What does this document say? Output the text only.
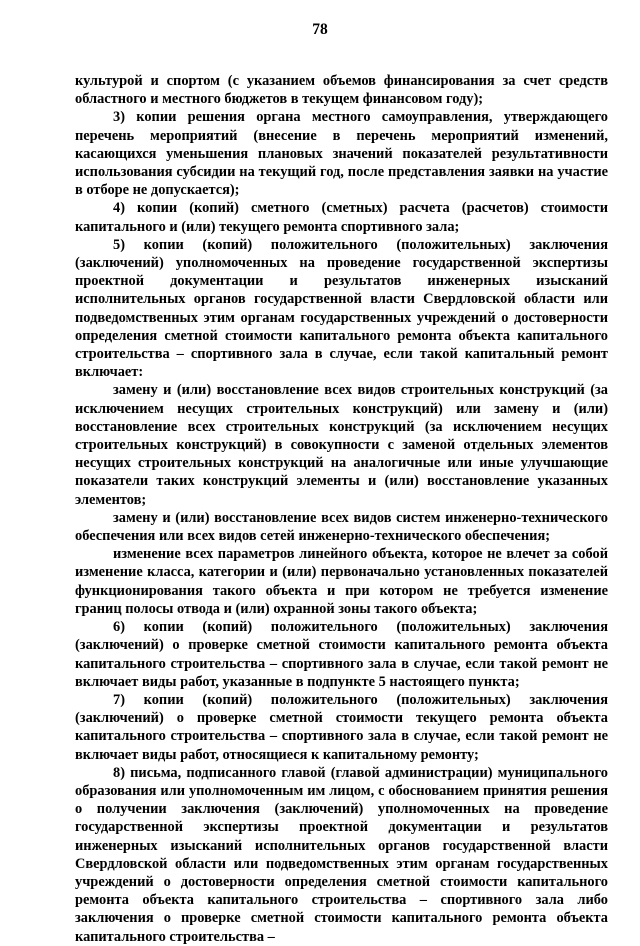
78

культурой и спортом (с указанием объемов финансирования за счет средств областного и местного бюджетов в текущем финансовом году);

3) копии решения органа местного самоуправления, утверждающего перечень мероприятий (внесение в перечень мероприятий изменений, касающихся уменьшения плановых значений показателей результативности использования субсидии на текущий год, после представления заявки на участие в отборе не допускается);

4) копии (копий) сметного (сметных) расчета (расчетов) стоимости капитального и (или) текущего ремонта спортивного зала;

5) копии (копий) положительного (положительных) заключения (заключений) уполномоченных на проведение государственной экспертизы проектной документации и результатов инженерных изысканий исполнительных органов государственной власти Свердловской области или подведомственных этим органам государственных учреждений о достоверности определения сметной стоимости капитального ремонта объекта капитального строительства – спортивного зала в случае, если такой капитальный ремонт включает:

замену и (или) восстановление всех видов строительных конструкций (за исключением несущих строительных конструкций) или замену и (или) восстановление всех строительных конструкций (за исключением несущих строительных конструкций) в совокупности с заменой отдельных элементов несущих строительных конструкций на аналогичные или иные улучшающие показатели таких конструкций элементы и (или) восстановление указанных элементов;

замену и (или) восстановление всех видов систем инженерно-технического обеспечения или всех видов сетей инженерно-технического обеспечения;

изменение всех параметров линейного объекта, которое не влечет за собой изменение класса, категории и (или) первоначально установленных показателей функционирования такого объекта и при котором не требуется изменение границ полосы отвода и (или) охранной зоны такого объекта;

6) копии (копий) положительного (положительных) заключения (заключений) о проверке сметной стоимости капитального ремонта объекта капитального строительства – спортивного зала в случае, если такой ремонт не включает виды работ, указанные в подпункте 5 настоящего пункта;

7) копии (копий) положительного (положительных) заключения (заключений) о проверке сметной стоимости текущего ремонта объекта капитального строительства – спортивного зала в случае, если такой ремонт не включает виды работ, относящиеся к капитальному ремонту;

8) письма, подписанного главой (главой администрации) муниципального образования или уполномоченным им лицом, с обоснованием принятия решения о получении заключения (заключений) уполномоченных на проведение государственной экспертизы проектной документации и результатов инженерных изысканий исполнительных органов государственной власти Свердловской области или подведомственных этим органам государственных учреждений о достоверности определения сметной стоимости капитального ремонта объекта капитального строительства – спортивного зала либо заключения о проверке сметной стоимости капитального ремонта объекта капитального строительства –
